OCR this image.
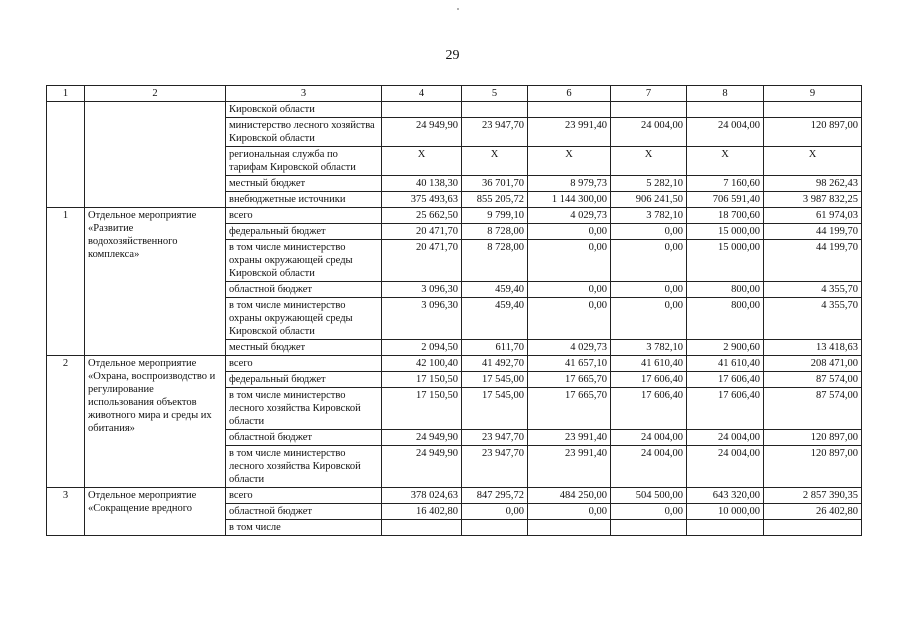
29
1	2	3	4	5	6	7	8	9
		Кировской области						
		министерство лесного хозяйства Кировской области	24 949,90	23 947,70	23 991,40	24 004,00	24 004,00	120 897,00
		региональная служба по тарифам Кировской области	X	X	X	X	X	X
		местный бюджет	40 138,30	36 701,70	8 979,73	5 282,10	7 160,60	98 262,43
		внебюджетные источники	375 493,63	855 205,72	1 144 300,00	906 241,50	706 591,40	3 987 832,25
1	Отдельное мероприятие «Развитие водохозяйственного комплекса»	всего	25 662,50	9 799,10	4 029,73	3 782,10	18 700,60	61 974,03
		федеральный бюджет	20 471,70	8 728,00	0,00	0,00	15 000,00	44 199,70
		в том числе министерство охраны окружающей среды Кировской области	20 471,70	8 728,00	0,00	0,00	15 000,00	44 199,70
		областной бюджет	3 096,30	459,40	0,00	0,00	800,00	4 355,70
		в том числе министерство охраны окружающей среды Кировской области	3 096,30	459,40	0,00	0,00	800,00	4 355,70
		местный бюджет	2 094,50	611,70	4 029,73	3 782,10	2 900,60	13 418,63
2	Отдельное мероприятие «Охрана, воспроизводство и регулирование использования объектов животного мира и среды их обитания»	всего	42 100,40	41 492,70	41 657,10	41 610,40	41 610,40	208 471,00
		федеральный бюджет	17 150,50	17 545,00	17 665,70	17 606,40	17 606,40	87 574,00
		в том числе министерство лесного хозяйства Кировской области	17 150,50	17 545,00	17 665,70	17 606,40	17 606,40	87 574,00
		областной бюджет	24 949,90	23 947,70	23 991,40	24 004,00	24 004,00	120 897,00
		в том числе министерство лесного хозяйства Кировской области	24 949,90	23 947,70	23 991,40	24 004,00	24 004,00	120 897,00
3	Отдельное мероприятие «Сокращение вредного	всего	378 024,63	847 295,72	484 250,00	504 500,00	643 320,00	2 857 390,35
		областной бюджет	16 402,80	0,00	0,00	0,00	10 000,00	26 402,80
		в том числе						
